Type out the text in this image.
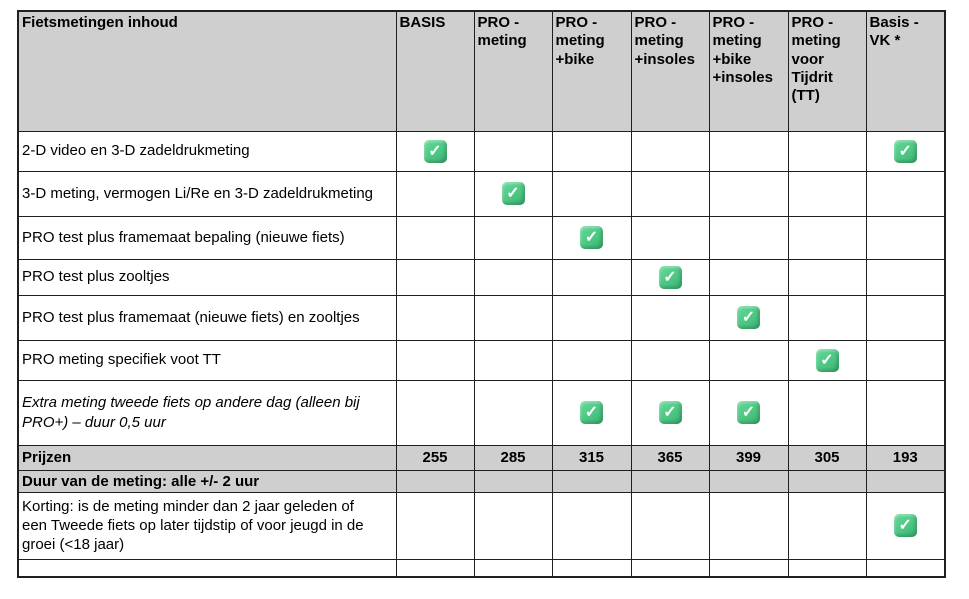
Fietsmetingen inhoud	BASIS	PRO - meting	PRO - meting +bike	PRO - meting +insoles	PRO - meting +bike +insoles	PRO - meting voor Tijdrit (TT)	Basis - VK *
2-D video en 3-D zadeldrukmeting	✓						✓
3-D meting, vermogen Li/Re en 3-D zadeldrukmeting		✓					
PRO test plus framemaat bepaling (nieuwe fiets)			✓				
PRO test plus zooltjes				✓			
PRO test plus framemaat (nieuwe fiets) en zooltjes					✓		
PRO meting specifiek voot TT						✓	
Extra meting tweede fiets op andere dag (alleen bij PRO+) – duur 0,5 uur			✓	✓	✓		
Prijzen	255	285	315	365	399	305	193
Duur van de meting: alle +/- 2 uur							
Korting: is de meting minder dan 2 jaar geleden of een Tweede fiets op later tijdstip of voor jeugd in de groei (<18 jaar)							✓
